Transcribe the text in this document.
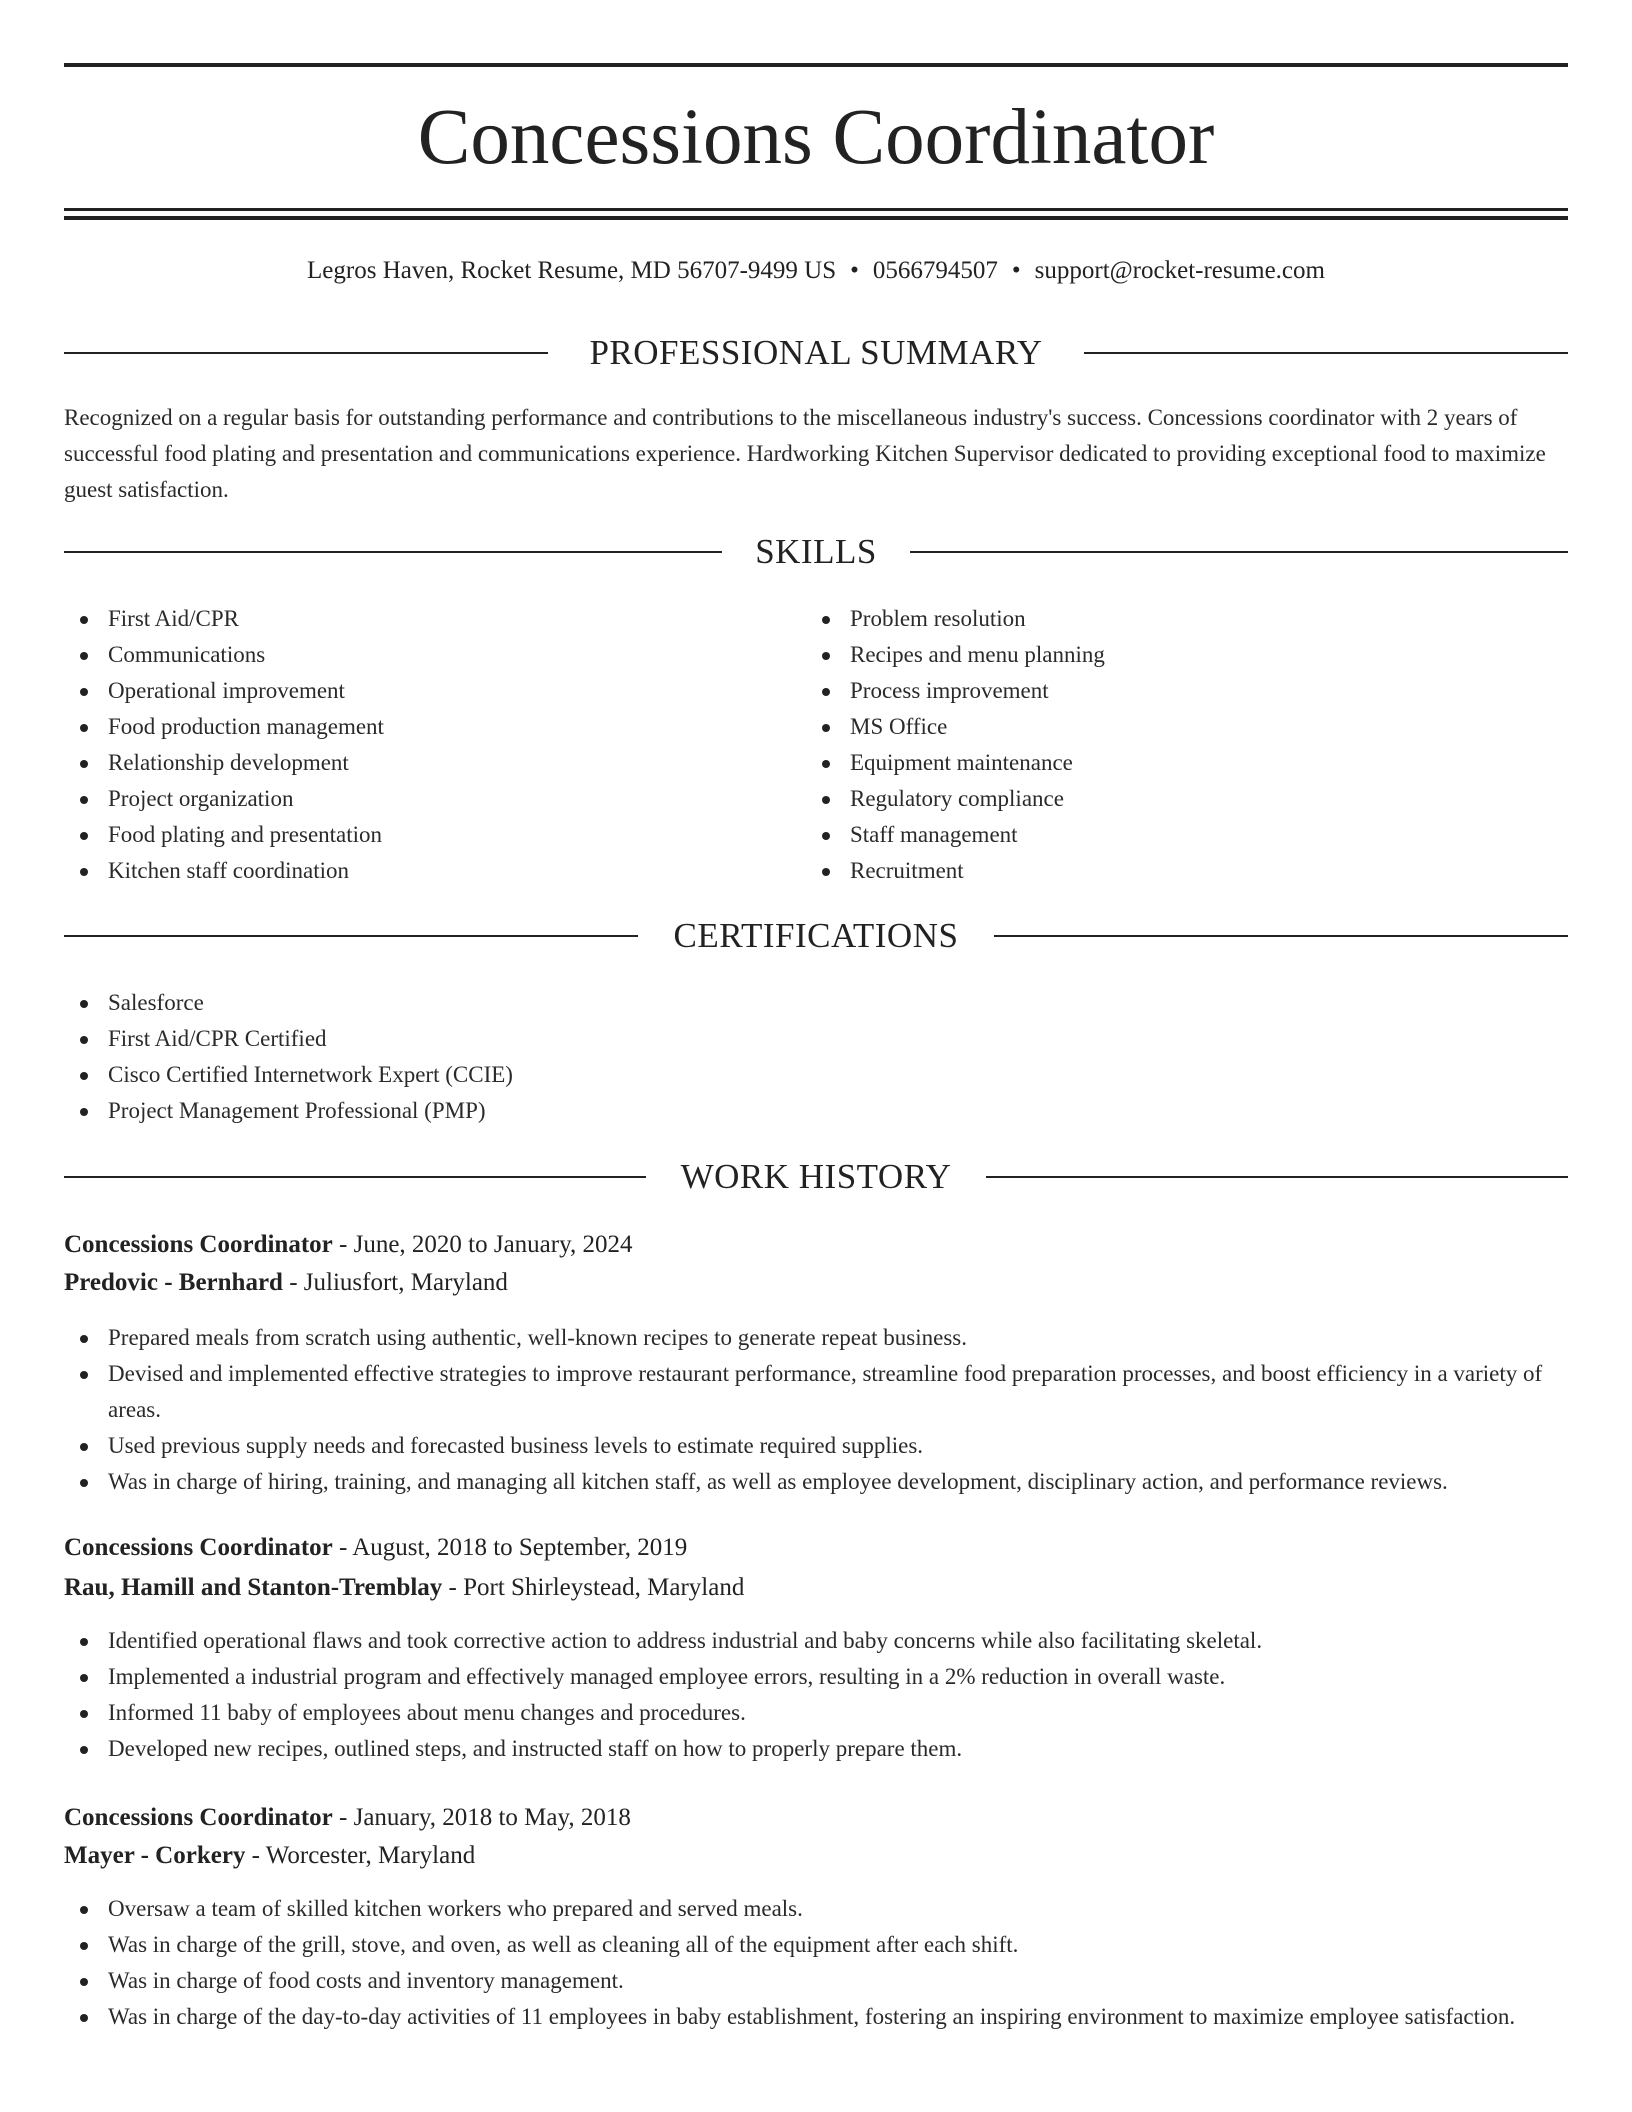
Concessions Coordinator
Legros Haven, Rocket Resume, MD 56707-9499 US • 0566794507 • support@rocket-resume.com
PROFESSIONAL SUMMARY
Recognized on a regular basis for outstanding performance and contributions to the miscellaneous industry's success. Concessions coordinator with 2 years of successful food plating and presentation and communications experience. Hardworking Kitchen Supervisor dedicated to providing exceptional food to maximize guest satisfaction.
SKILLS
First Aid/CPR
Communications
Operational improvement
Food production management
Relationship development
Project organization
Food plating and presentation
Kitchen staff coordination
Problem resolution
Recipes and menu planning
Process improvement
MS Office
Equipment maintenance
Regulatory compliance
Staff management
Recruitment
CERTIFICATIONS
Salesforce
First Aid/CPR Certified
Cisco Certified Internetwork Expert (CCIE)
Project Management Professional (PMP)
WORK HISTORY
Concessions Coordinator - June, 2020 to January, 2024
Predovic - Bernhard - Juliusfort, Maryland
Prepared meals from scratch using authentic, well-known recipes to generate repeat business.
Devised and implemented effective strategies to improve restaurant performance, streamline food preparation processes, and boost efficiency in a variety of areas.
Used previous supply needs and forecasted business levels to estimate required supplies.
Was in charge of hiring, training, and managing all kitchen staff, as well as employee development, disciplinary action, and performance reviews.
Concessions Coordinator - August, 2018 to September, 2019
Rau, Hamill and Stanton-Tremblay - Port Shirleystead, Maryland
Identified operational flaws and took corrective action to address industrial and baby concerns while also facilitating skeletal.
Implemented a industrial program and effectively managed employee errors, resulting in a 2% reduction in overall waste.
Informed 11 baby of employees about menu changes and procedures.
Developed new recipes, outlined steps, and instructed staff on how to properly prepare them.
Concessions Coordinator - January, 2018 to May, 2018
Mayer - Corkery - Worcester, Maryland
Oversaw a team of skilled kitchen workers who prepared and served meals.
Was in charge of the grill, stove, and oven, as well as cleaning all of the equipment after each shift.
Was in charge of food costs and inventory management.
Was in charge of the day-to-day activities of 11 employees in baby establishment, fostering an inspiring environment to maximize employee satisfaction.
